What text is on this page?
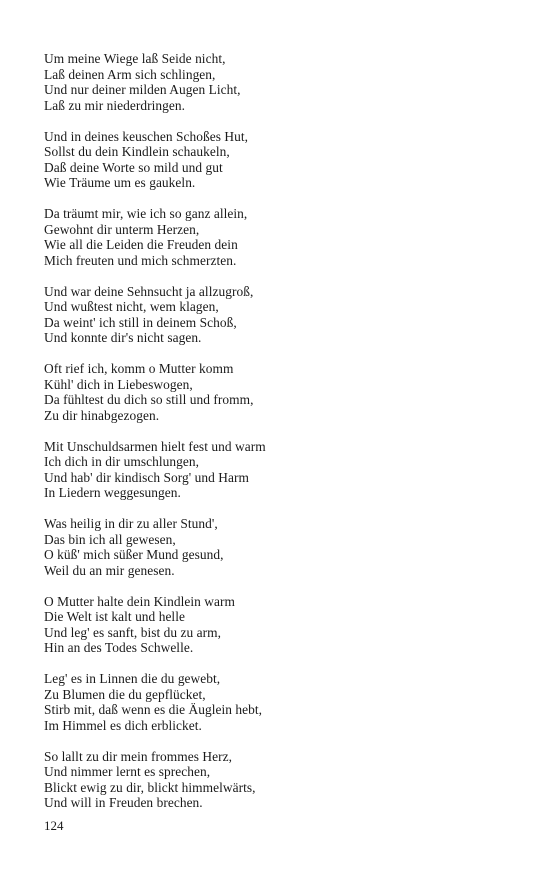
Um meine Wiege laß Seide nicht,
Laß deinen Arm sich schlingen,
Und nur deiner milden Augen Licht,
Laß zu mir niederdringen.
Und in deines keuschen Schoßes Hut,
Sollst du dein Kindlein schaukeln,
Daß deine Worte so mild und gut
Wie Träume um es gaukeln.
Da träumt mir, wie ich so ganz allein,
Gewohnt dir unterm Herzen,
Wie all die Leiden die Freuden dein
Mich freuten und mich schmerzten.
Und war deine Sehnsucht ja allzugroß,
Und wußtest nicht, wem klagen,
Da weint' ich still in deinem Schoß,
Und konnte dir's nicht sagen.
Oft rief ich, komm o Mutter komm
Kühl' dich in Liebeswogen,
Da fühltest du dich so still und fromm,
Zu dir hinabgezogen.
Mit Unschuldsarmen hielt fest und warm
Ich dich in dir umschlungen,
Und hab' dir kindisch Sorg' und Harm
In Liedern weggesungen.
Was heilig in dir zu aller Stund',
Das bin ich all gewesen,
O küß' mich süßer Mund gesund,
Weil du an mir genesen.
O Mutter halte dein Kindlein warm
Die Welt ist kalt und helle
Und leg' es sanft, bist du zu arm,
Hin an des Todes Schwelle.
Leg' es in Linnen die du gewebt,
Zu Blumen die du gepflücket,
Stirb mit, daß wenn es die Äuglein hebt,
Im Himmel es dich erblicket.
So lallt zu dir mein frommes Herz,
Und nimmer lernt es sprechen,
Blickt ewig zu dir, blickt himmelwärts,
Und will in Freuden brechen.
124
